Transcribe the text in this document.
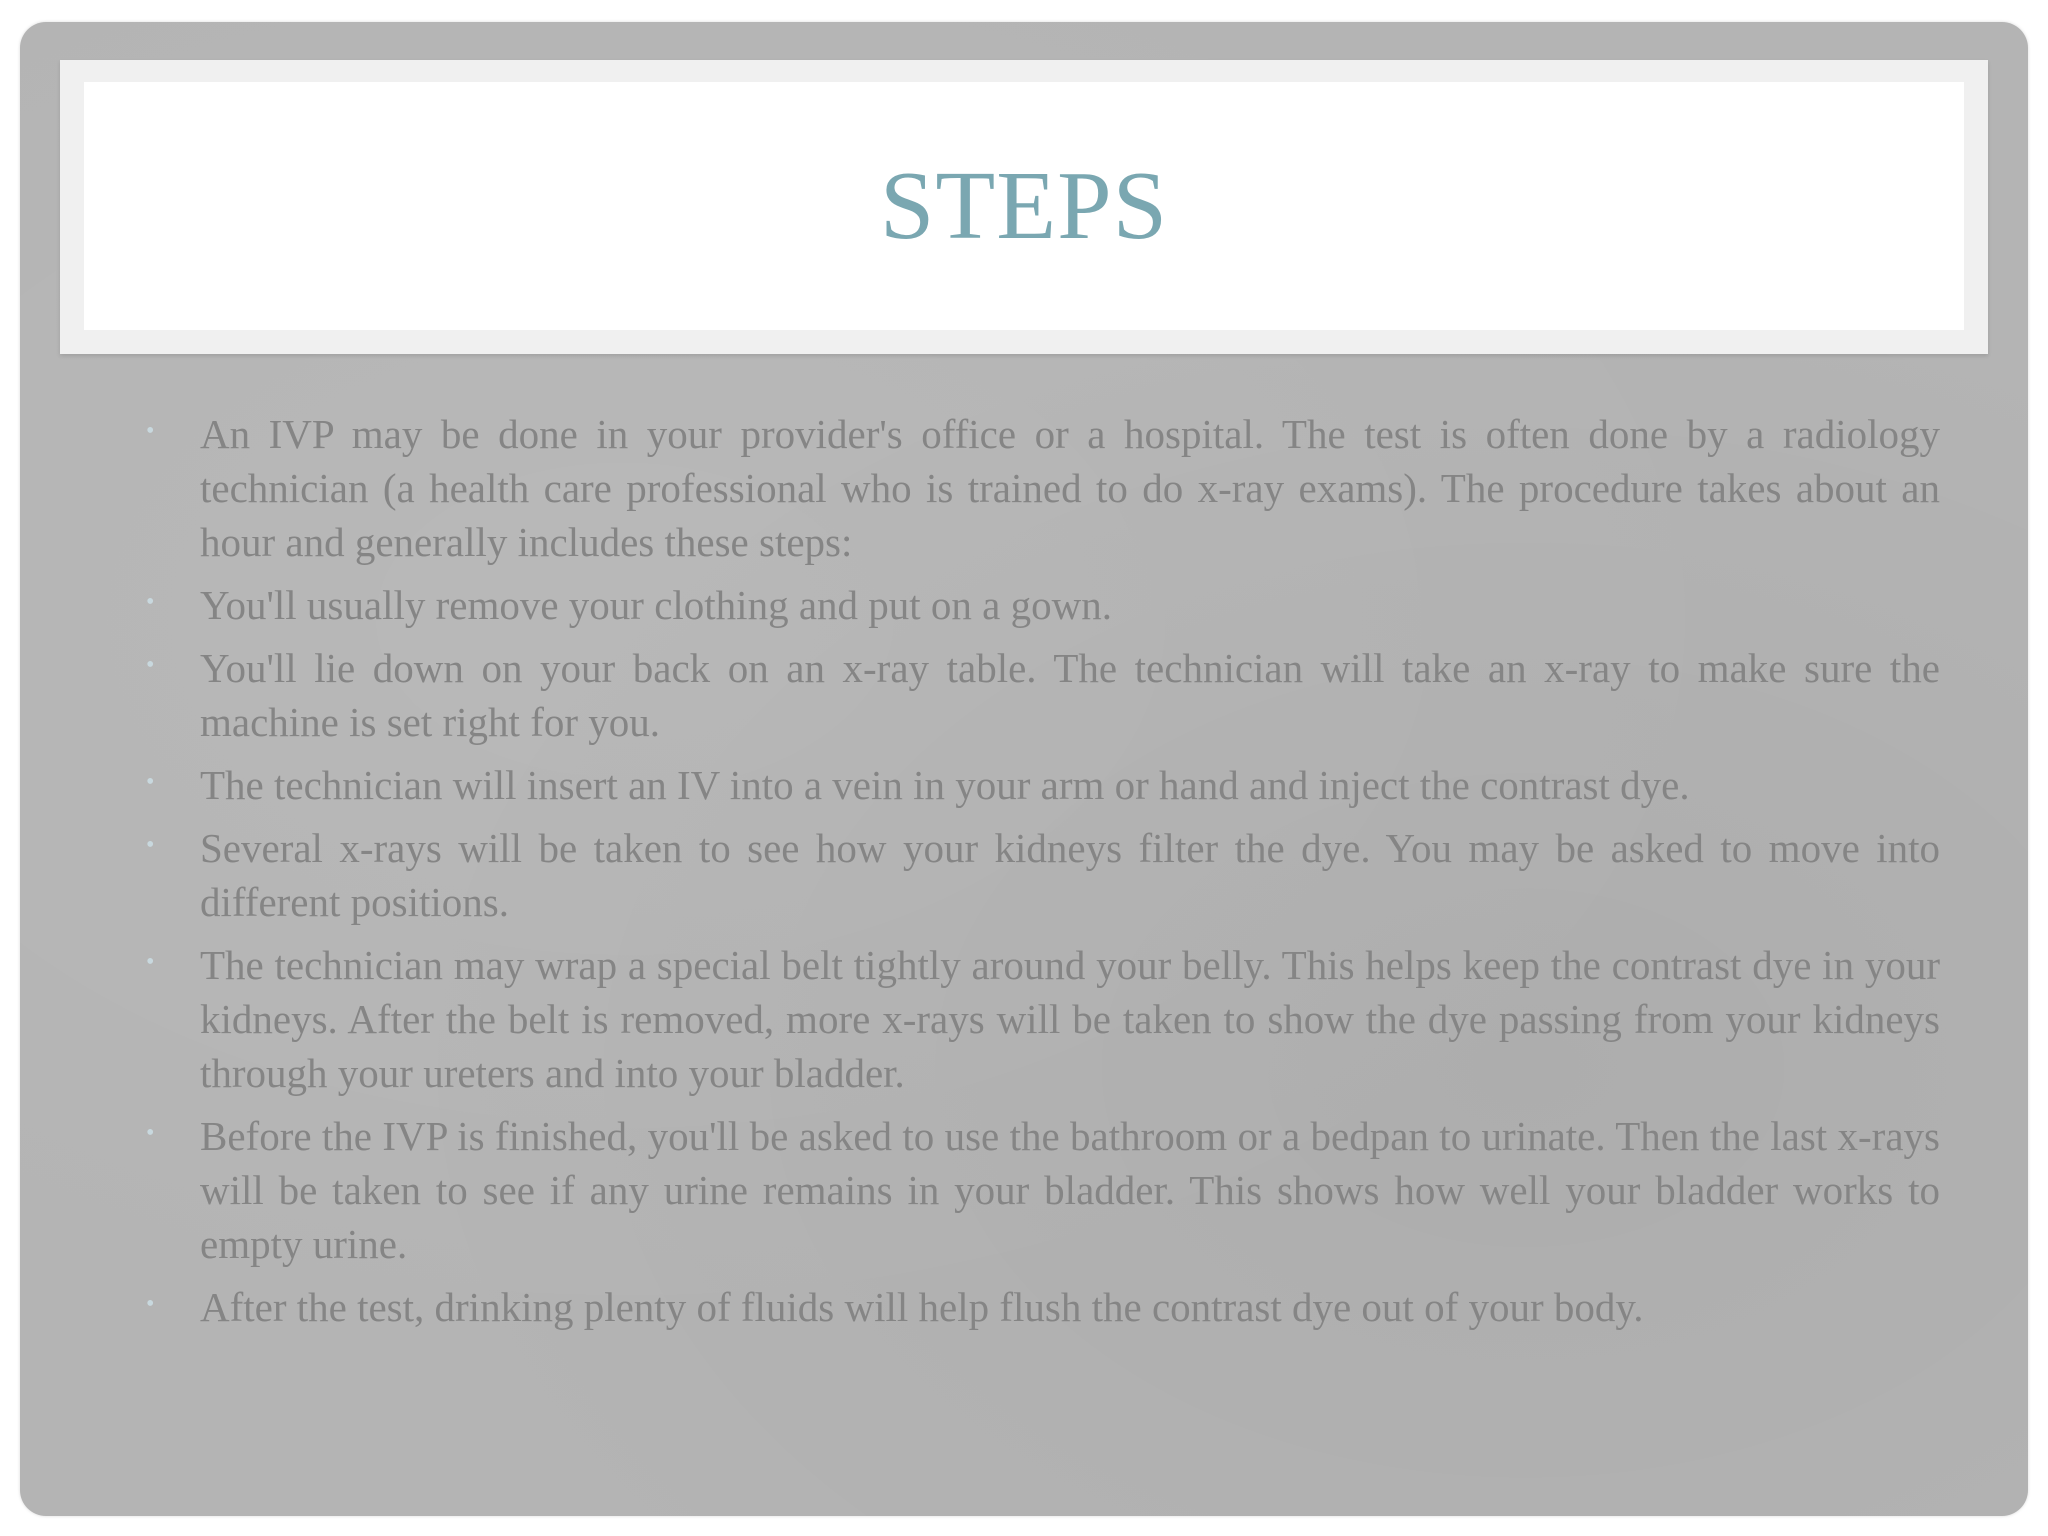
STEPS
•	An IVP may be done in your provider's office or a hospital. The test is often done by a radiology technician (a health care professional who is trained to do x-ray exams). The procedure takes about an hour and generally includes these steps:
•	You'll usually remove your clothing and put on a gown.
•	You'll lie down on your back on an x-ray table. The technician will take an x-ray to make sure the machine is set right for you.
•	The technician will insert an IV into a vein in your arm or hand and inject the contrast dye.
•	Several x-rays will be taken to see how your kidneys filter the dye. You may be asked to move into different positions.
•	The technician may wrap a special belt tightly around your belly. This helps keep the contrast dye in your kidneys. After the belt is removed, more x-rays will be taken to show the dye passing from your kidneys through your ureters and into your bladder.
•	Before the IVP is finished, you'll be asked to use the bathroom or a bedpan to urinate. Then the last x-rays will be taken to see if any urine remains in your bladder. This shows how well your bladder works to empty urine.
•	After the test, drinking plenty of fluids will help flush the contrast dye out of your body.
